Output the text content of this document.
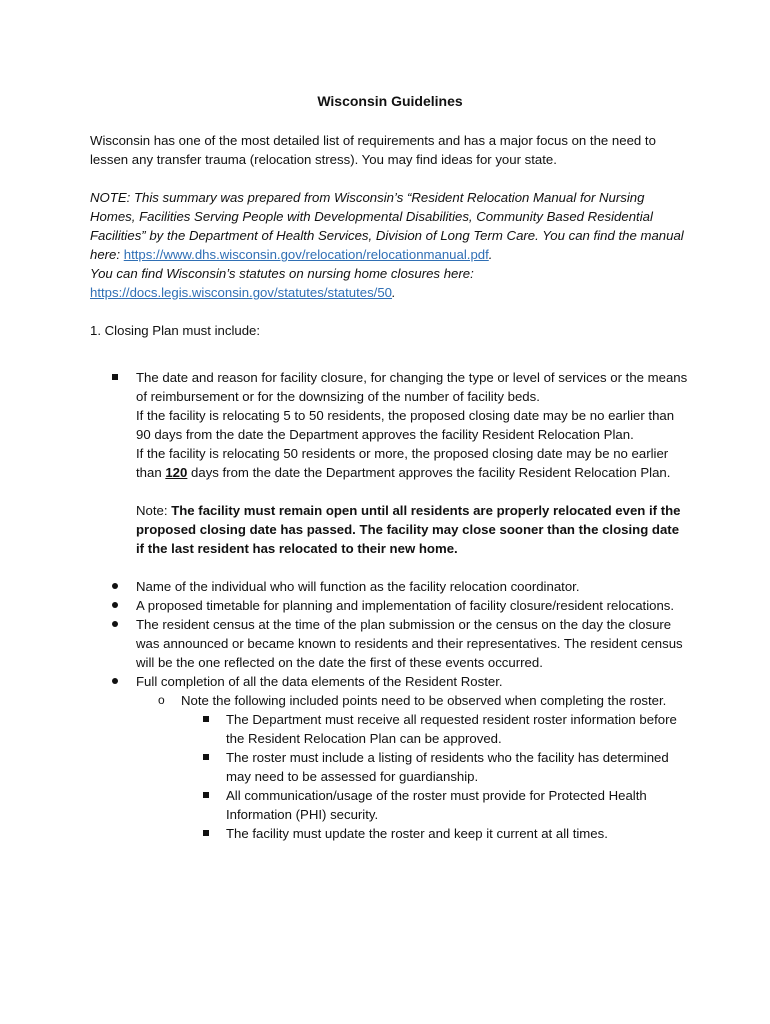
Wisconsin Guidelines

Wisconsin has one of the most detailed list of requirements and has a major focus on the need to lessen any transfer trauma (relocation stress). You may find ideas for your state.

NOTE: This summary was prepared from Wisconsin’s “Resident Relocation Manual for Nursing Homes, Facilities Serving People with Developmental Disabilities, Community Based Residential Facilities” by the Department of Health Services, Division of Long Term Care. You can find the manual here: https://www.dhs.wisconsin.gov/relocation/relocationmanual.pdf.
You can find Wisconsin’s statutes on nursing home closures here:
https://docs.legis.wisconsin.gov/statutes/statutes/50.

1. Closing Plan must include:

The date and reason for facility closure, for changing the type or level of services or the means of reimbursement or for the downsizing of the number of facility beds.
If the facility is relocating 5 to 50 residents, the proposed closing date may be no earlier than 90 days from the date the Department approves the facility Resident Relocation Plan.
If the facility is relocating 50 residents or more, the proposed closing date may be no earlier than 120 days from the date the Department approves the facility Resident Relocation Plan.
Note: The facility must remain open until all residents are properly relocated even if the proposed closing date has passed. The facility may close sooner than the closing date if the last resident has relocated to their new home.
Name of the individual who will function as the facility relocation coordinator.
A proposed timetable for planning and implementation of facility closure/resident relocations.
The resident census at the time of the plan submission or the census on the day the closure was announced or became known to residents and their representatives. The resident census will be the one reflected on the date the first of these events occurred.
Full completion of all the data elements of the Resident Roster.
o Note the following included points need to be observed when completing the roster.
The Department must receive all requested resident roster information before the Resident Relocation Plan can be approved.
The roster must include a listing of residents who the facility has determined may need to be assessed for guardianship.
All communication/usage of the roster must provide for Protected Health Information (PHI) security.
The facility must update the roster and keep it current at all times.
